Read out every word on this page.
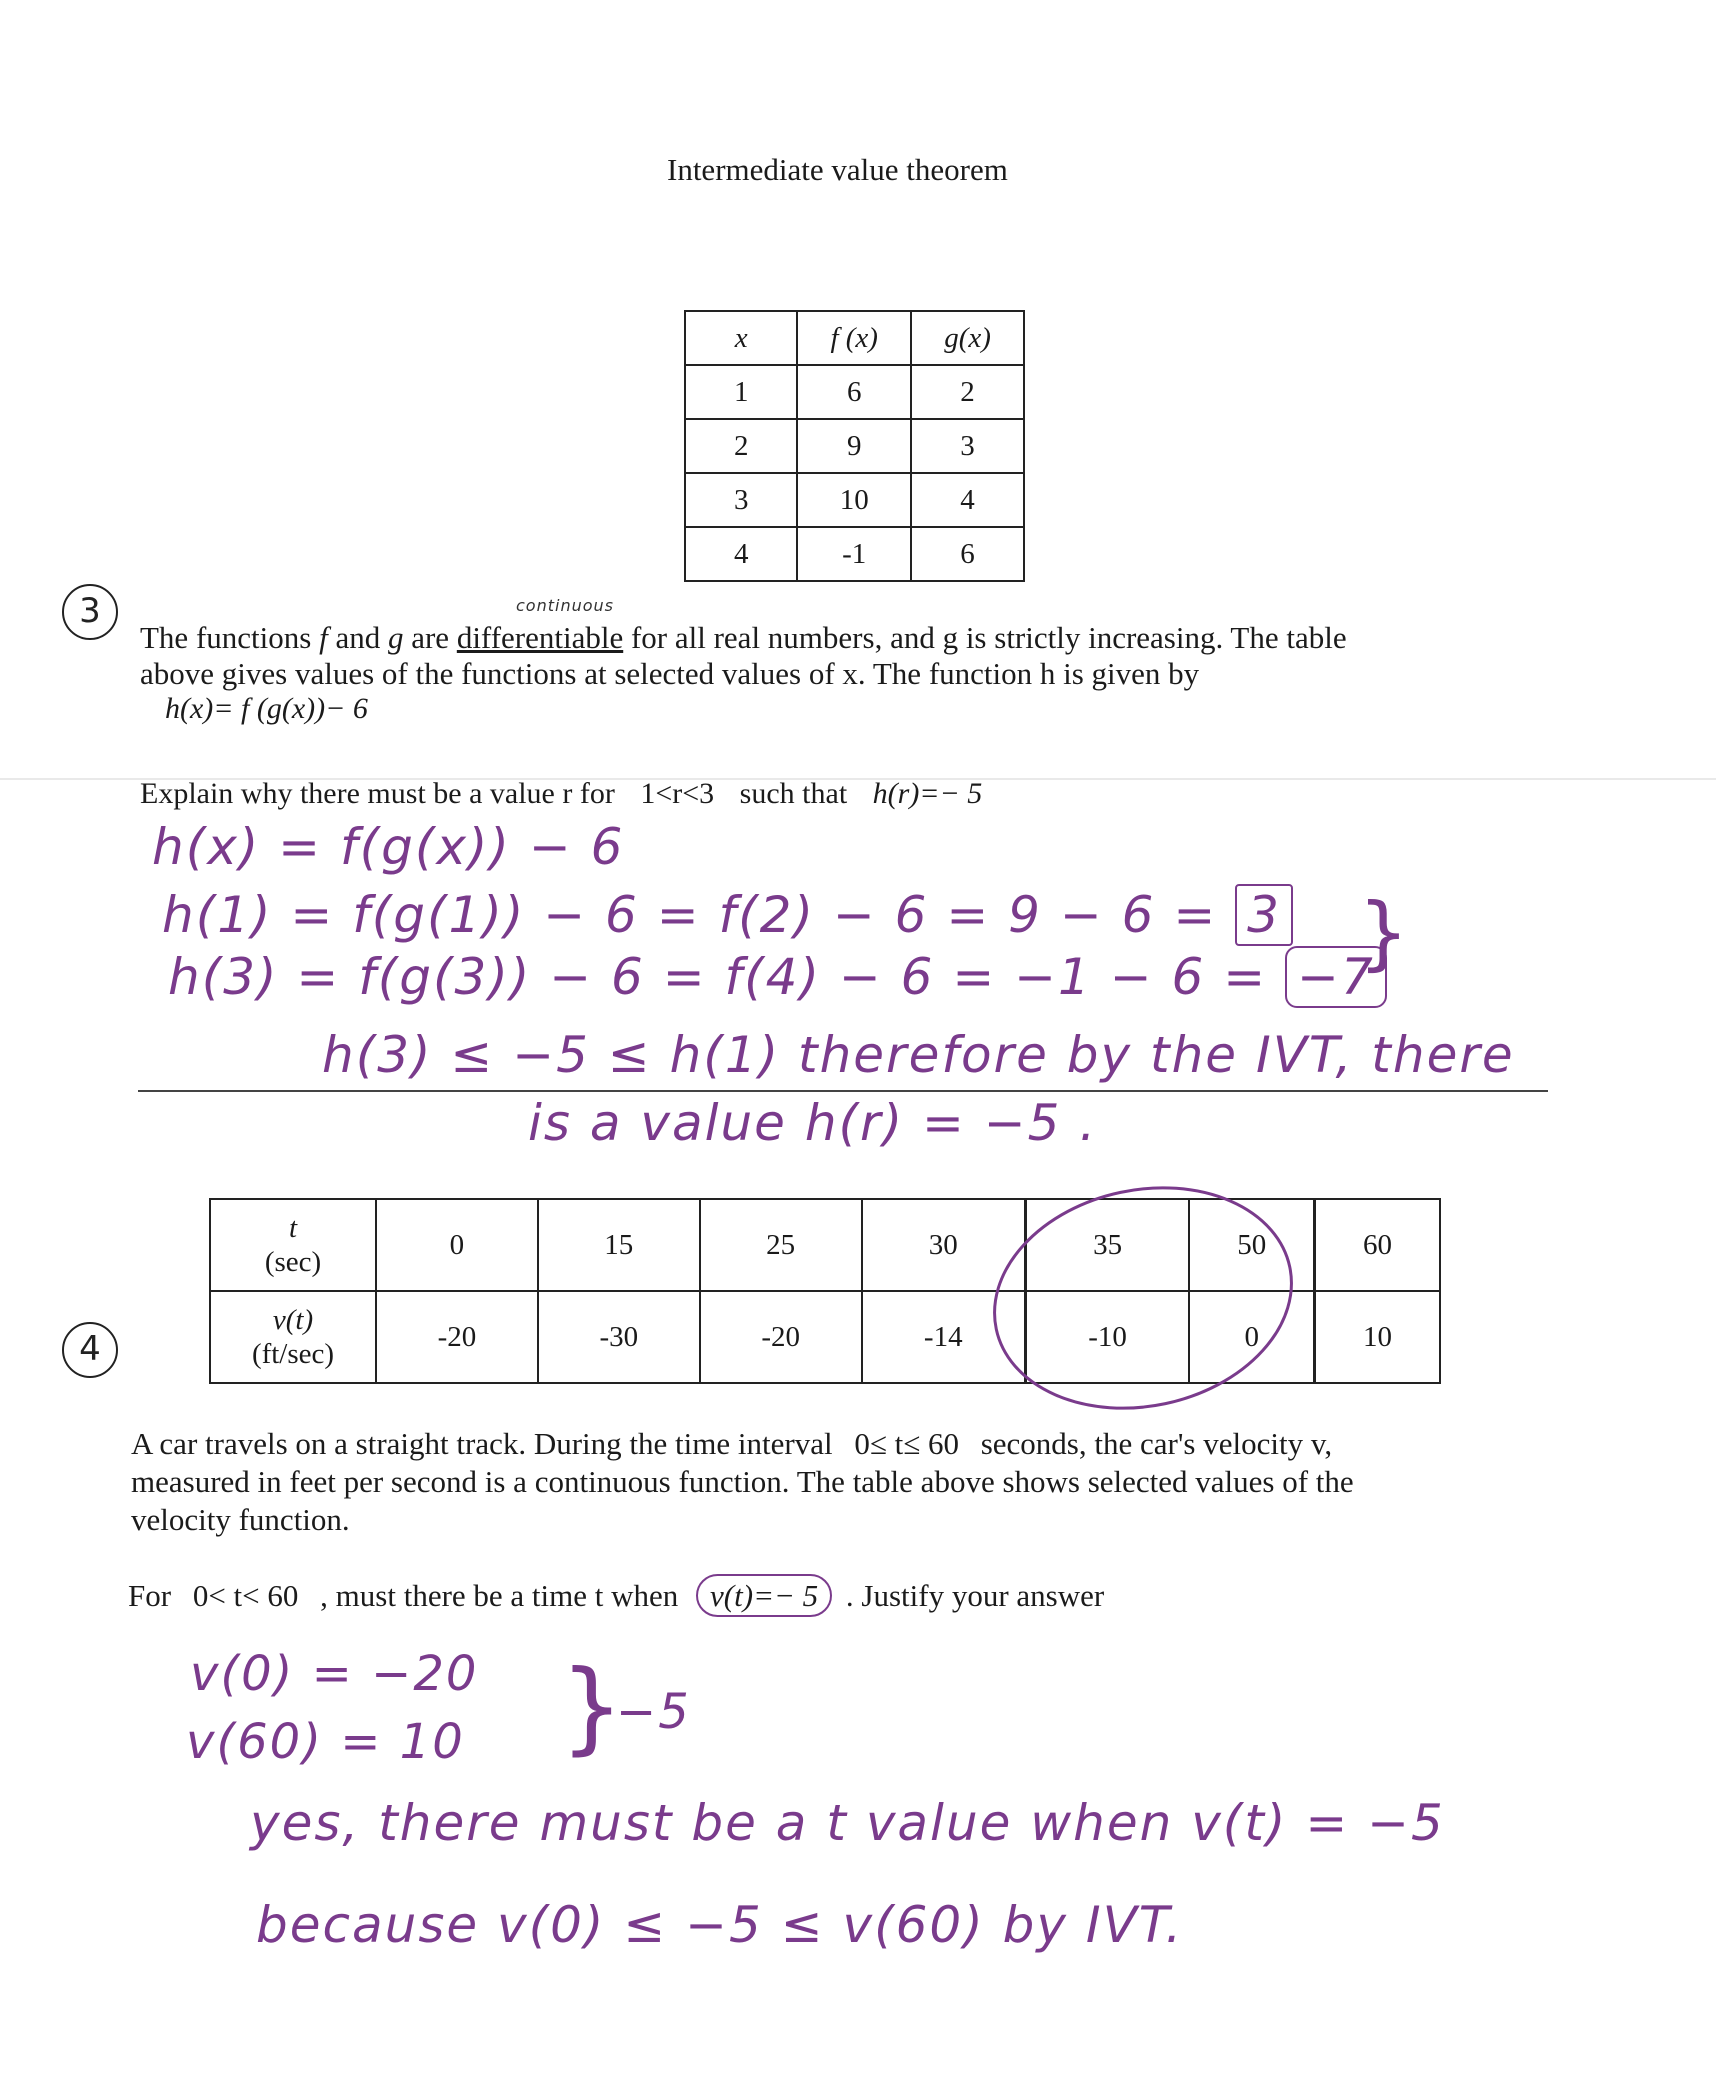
Intermediate value theorem
3
x	f (x)	g(x)
1	6	2
2	9	3
3	10	4
4	-1	6
continuous
The functions f and g are differentiable for all real numbers, and g is strictly increasing. The table
above gives values of the functions at selected values of x. The function h is given by
h(x)= f (g(x))− 6
Explain why there must be a value r for 1<r<3 such that h(r)=− 5
h(x) = f(g(x)) − 6
h(1) = f(g(1)) − 6 = f(2) − 6 = 9 − 6 = 3
h(3) = f(g(3)) − 6 = f(4) − 6 = −1 − 6 = −7
}
h(3) ≤ −5 ≤ h(1) therefore by the IVT, there
is a value h(r) = −5 .
4
t
(sec)	0	15	25	30	35	50	60
v(t)
(ft/sec)	-20	-30	-20	-14	-10	0	10
A car travels on a straight track. During the time interval 0≤ t≤ 60 seconds, the car's velocity v,
measured in feet per second is a continuous function. The table above shows selected values of the
velocity function.
For 0< t< 60 , must there be a time t when v(t)=− 5 . Justify your answer
v(0) = −20
v(60) = 10 }
−5
yes, there must be a t value when v(t) = −5
because v(0) ≤ −5 ≤ v(60) by IVT.
